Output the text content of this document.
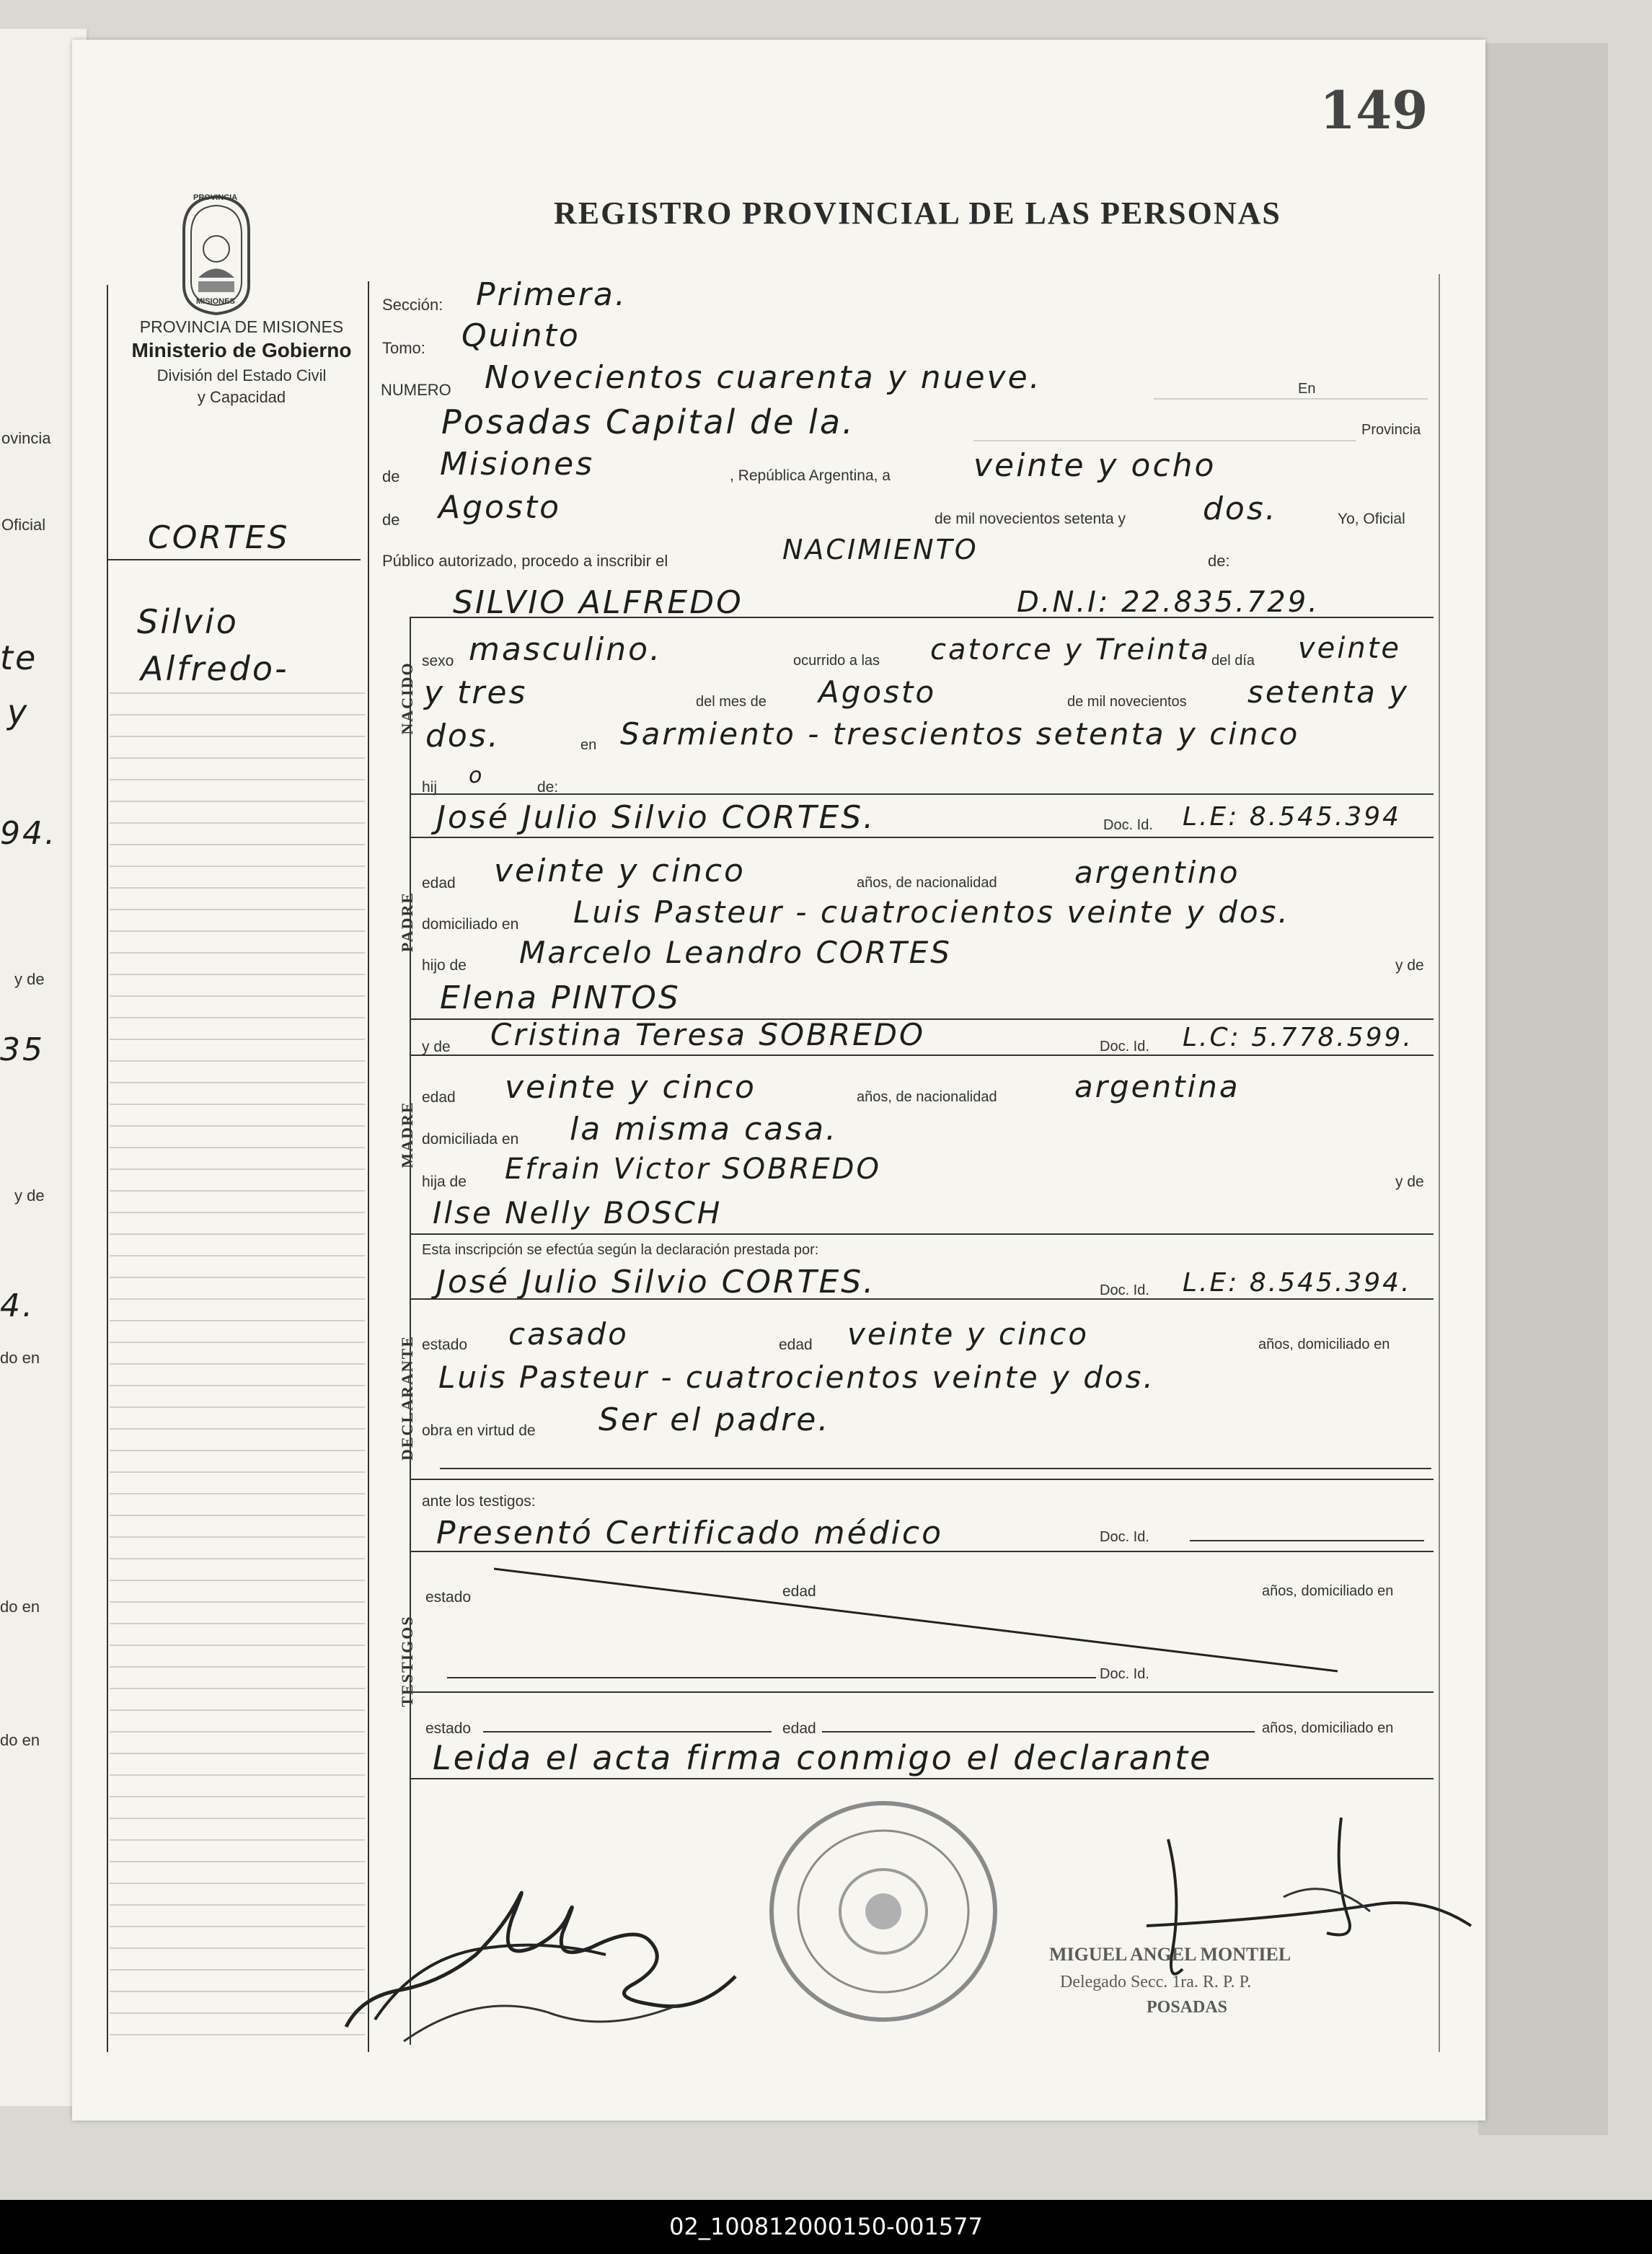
ovincia
Oficial
te
y
94.
y de
35
y de
4.
do en
do en
do en
149
REGISTRO PROVINCIAL DE LAS PERSONAS
PROVINCIA
MISIONES
PROVINCIA DE MISIONES
Ministerio de Gobierno
División del Estado Civil
y Capacidad
CORTES
Silvio
Alfredo-
Sección: Primera.
Tomo: Quinto
NUMERO Novecientos cuarenta y nueve.	En
Posadas Capital de la.	Provincia
de Misiones	, República Argentina, a	veinte y ocho
de Agosto	de mil novecientos setenta y dos.	Yo, Oficial
Público autorizado, procedo a inscribir el	NACIMIENTO	de:
SILVIO ALFREDO	D.N.I: 22.835.729.
NACIDO
sexo masculino.	ocurrido a las catorce y Treinta del día veinte
y tres	del mes de Agosto	de mil novecientos setenta y
dos.	en Sarmiento - trescientos setenta y cinco
hij o	de:
PADRE
José Julio Silvio CORTES.	Doc. Id. L.E: 8.545.394
edad veinte y cinco	años, de nacionalidad	argentino
domiciliado en Luis Pasteur - cuatrocientos veinte y dos.
hijo de Marcelo Leandro CORTES	y de
Elena PINTOS
MADRE
y de Cristina Teresa SOBREDO	Doc. Id. L.C: 5.778.599.
edad veinte y cinco	años, de nacionalidad	argentina
domiciliada en la misma casa.
hija de Efrain Victor SOBREDO	y de
Ilse Nelly BOSCH
Esta inscripción se efectúa según la declaración prestada por:
DECLARANTE
José Julio Silvio CORTES.	Doc. Id. L.E: 8.545.394.
estado casado	edad veinte y cinco	años, domiciliado en
Luis Pasteur - cuatrocientos veinte y dos.
obra en virtud de Ser el padre.
ante los testigos:
TESTIGOS
Presentó Certificado médico	Doc. Id.
estado	edad	años, domiciliado en
Doc. Id.
estado	edad	años, domiciliado en
Leida el acta firma conmigo el declarante
MIGUEL ANGEL MONTIEL
Delegado Secc. 1ra. R. P. P.
POSADAS
02_100812000150-001577
